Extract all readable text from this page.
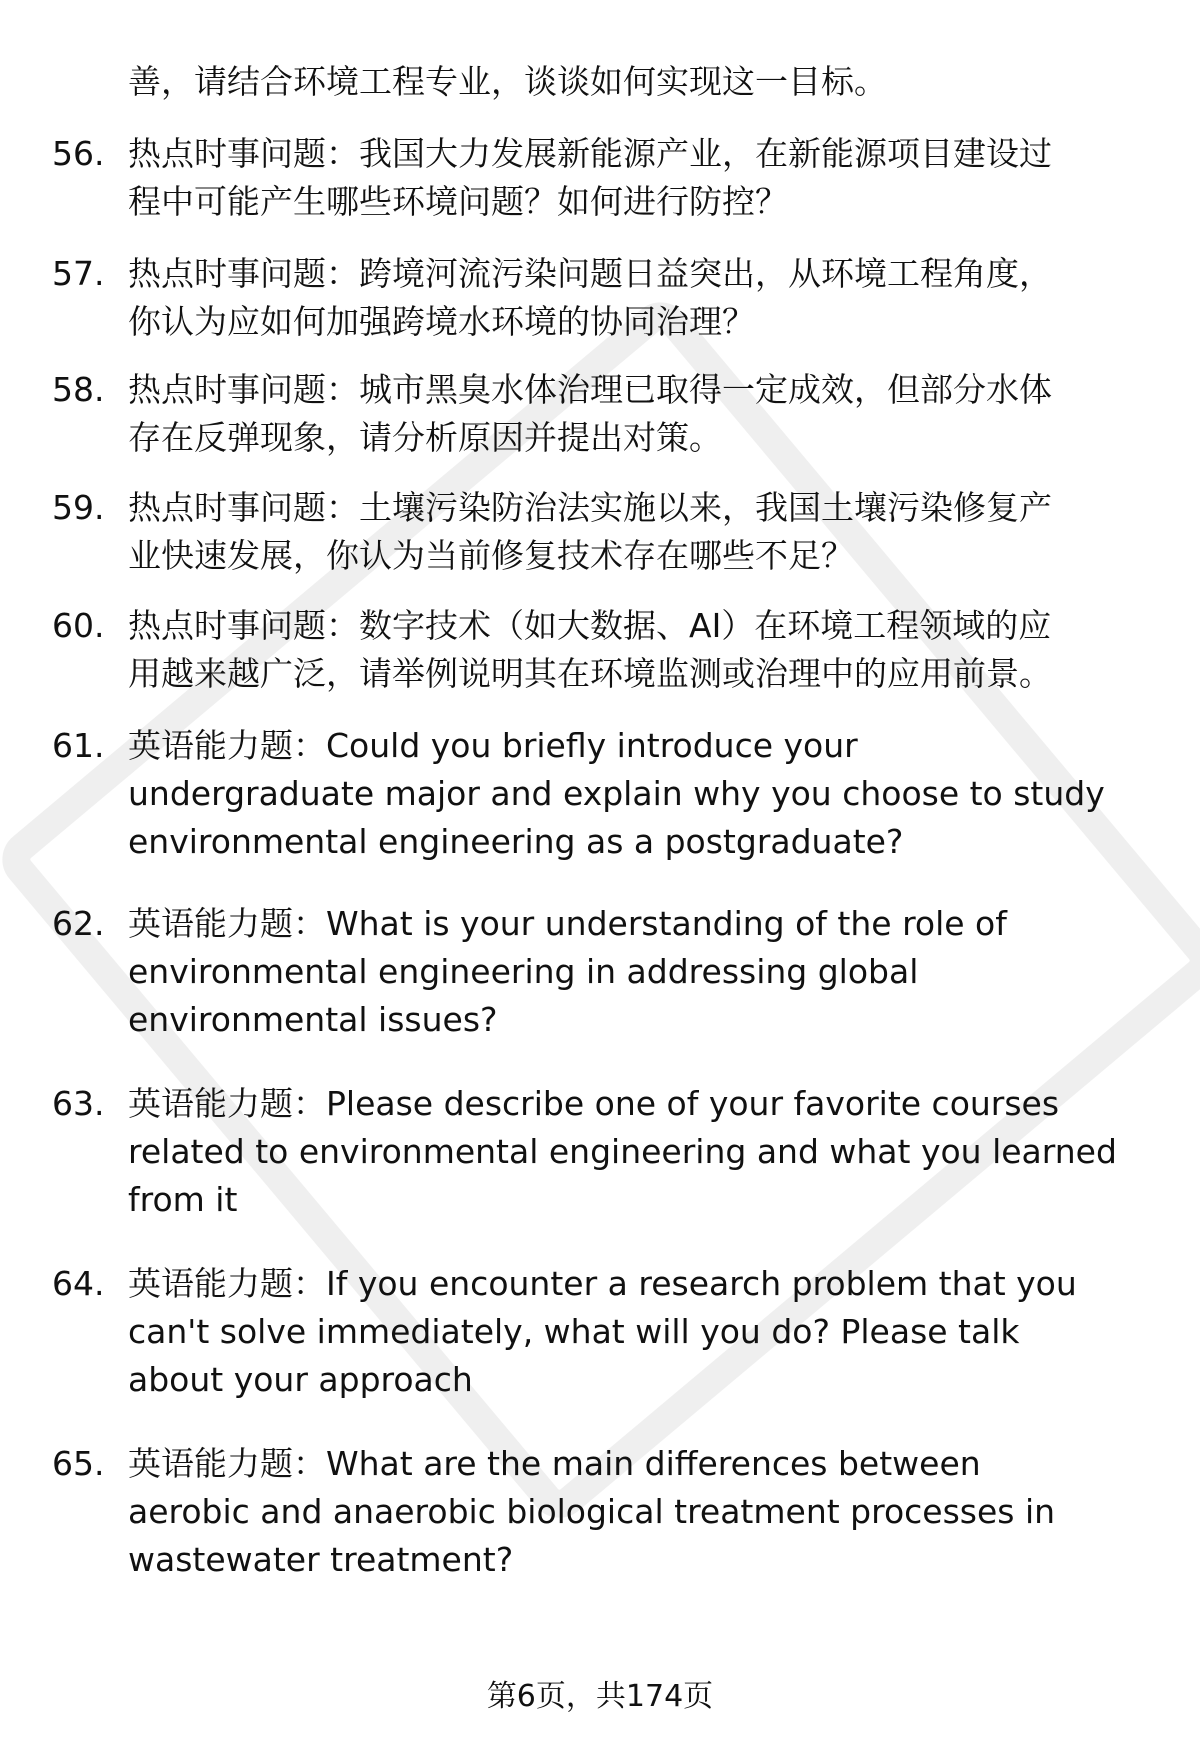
善，请结合环境工程专业，谈谈如何实现这一目标。
56. 热点时事问题：我国大力发展新能源产业，在新能源项目建设过
程中可能产生哪些环境问题？如何进行防控？
57. 热点时事问题：跨境河流污染问题日益突出，从环境工程角度，
你认为应如何加强跨境水环境的协同治理？
58. 热点时事问题：城市黑臭水体治理已取得一定成效，但部分水体
存在反弹现象，请分析原因并提出对策。
59. 热点时事问题：土壤污染防治法实施以来，我国土壤污染修复产
业快速发展，你认为当前修复技术存在哪些不足？
60. 热点时事问题：数字技术（如大数据、AI）在环境工程领域的应
用越来越广泛，请举例说明其在环境监测或治理中的应用前景。
61. 英语能力题：Could you briefly introduce your
undergraduate major and explain why you choose to study
environmental engineering as a postgraduate?
62. 英语能力题：What is your understanding of the role of
environmental engineering in addressing global
environmental issues?
63. 英语能力题：Please describe one of your favorite courses
related to environmental engineering and what you learned
from it
64. 英语能力题：If you encounter a research problem that you
can't solve immediately, what will you do? Please talk
about your approach
65. 英语能力题：What are the main differences between
aerobic and anaerobic biological treatment processes in
wastewater treatment?
第6页，共174页
